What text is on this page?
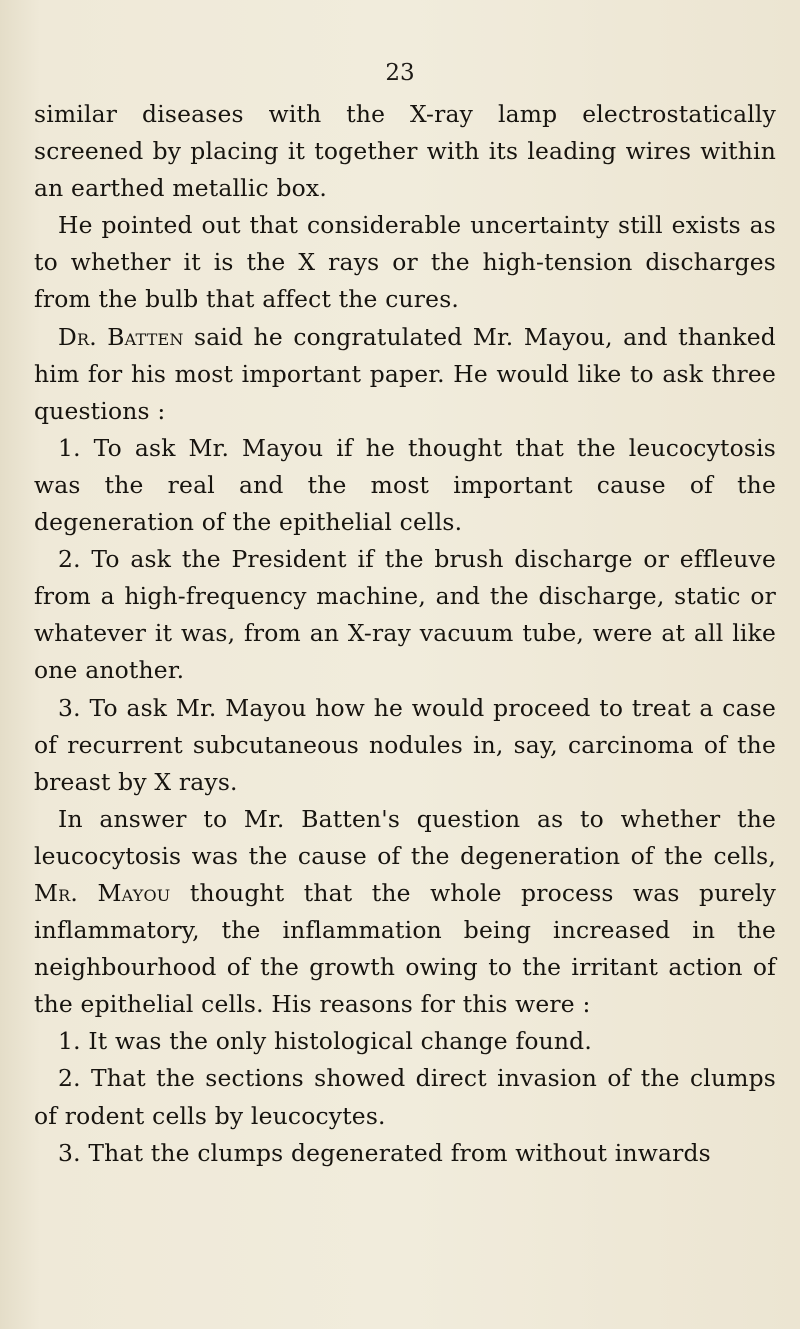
23

similar diseases with the X-ray lamp electrostatically screened by placing it together with its leading wires within an earthed metallic box.

He pointed out that considerable uncertainty still exists as to whether it is the X rays or the high-tension discharges from the bulb that affect the cures.

Dr. Batten said he congratulated Mr. Mayou, and thanked him for his most important paper. He would like to ask three questions :

1. To ask Mr. Mayou if he thought that the leucocytosis was the real and the most important cause of the degeneration of the epithelial cells.

2. To ask the President if the brush discharge or effleuve from a high-frequency machine, and the discharge, static or whatever it was, from an X-ray vacuum tube, were at all like one another.

3. To ask Mr. Mayou how he would proceed to treat a case of recurrent subcutaneous nodules in, say, carcinoma of the breast by X rays.

In answer to Mr. Batten's question as to whether the leucocytosis was the cause of the degeneration of the cells, Mr. Mayou thought that the whole process was purely inflammatory, the inflammation being increased in the neighbourhood of the growth owing to the irritant action of the epithelial cells. His reasons for this were :

1. It was the only histological change found.

2. That the sections showed direct invasion of the clumps of rodent cells by leucocytes.

3. That the clumps degenerated from without inwards
